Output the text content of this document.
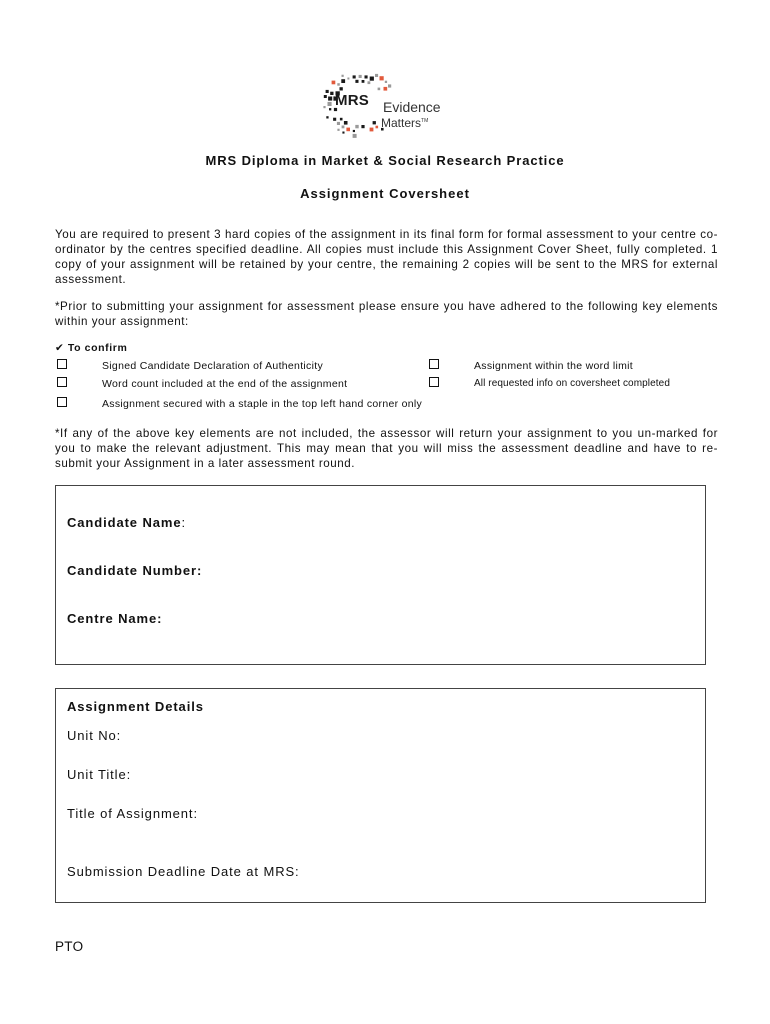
MRS Evidence
Matters™
MRS Diploma in Market & Social Research Practice
Assignment Coversheet

You are required to present 3 hard copies of the assignment in its final form for formal assessment to your centre co-ordinator by the centres specified deadline. All copies must include this Assignment Cover Sheet, fully completed. 1 copy of your assignment will be retained by your centre, the remaining 2 copies will be sent to the MRS for external assessment.

*Prior to submitting your assignment for assessment please ensure you have adhered to the following key elements within your assignment:

✔ To confirm
Signed Candidate Declaration of Authenticity	Assignment within the word limit
Word count included at the end of the assignment	All requested info on coversheet completed
Assignment secured with a staple in the top left hand corner only

*If any of the above key elements are not included, the assessor will return your assignment to you un-marked for you to make the relevant adjustment. This may mean that you will miss the assessment deadline and have to re-submit your Assignment in a later assessment round.

Candidate Name:
Candidate Number:
Centre Name:
Assignment Details
Unit No:
Unit Title:
Title of Assignment:
Submission Deadline Date at MRS:
PTO
